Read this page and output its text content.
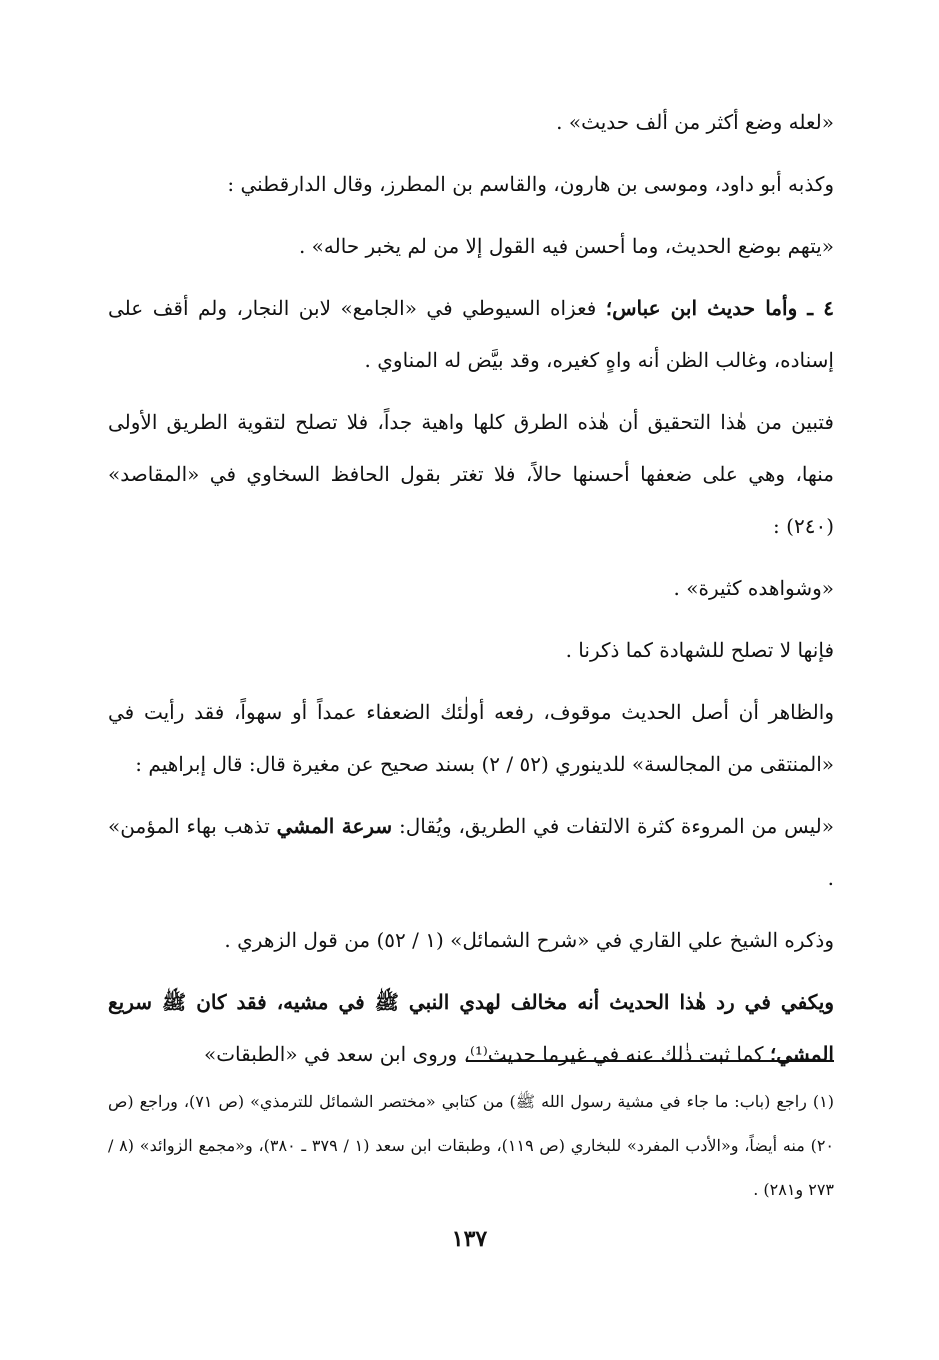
«لعله وضع أكثر من ألف حديث» .

وكذبه أبو داود، وموسى بن هارون، والقاسم بن المطرز، وقال الدارقطني :

«يتهم بوضع الحديث، وما أحسن فيه القول إلا من لم يخبر حاله» .

٤ ـ وأما حديث ابن عباس؛ فعزاه السيوطي في «الجامع» لابن النجار، ولم أقف على إسناده، وغالب الظن أنه واهٍ كغيره، وقد بيَّض له المناوي .

فتبين من هٰذا التحقيق أن هٰذه الطرق كلها واهية جداً، فلا تصلح لتقوية الطريق الأولى منها، وهي على ضعفها أحسنها حالاً، فلا تغتر بقول الحافظ السخاوي في «المقاصد» (٢٤٠) :

«وشواهده كثيرة» .

فإنها لا تصلح للشهادة كما ذكرنا .

والظاهر أن أصل الحديث موقوف، رفعه أولٰئك الضعفاء عمداً أو سهواً، فقد رأيت في «المنتقى من المجالسة» للدينوري (٥٢ / ٢) بسند صحيح عن مغيرة قال: قال إبراهيم :

«ليس من المروءة كثرة الالتفات في الطريق، ويُقال: سرعة المشي تذهب بهاء المؤمن» .

وذكره الشيخ علي القاري في «شرح الشمائل» (١ / ٥٢) من قول الزهري .

ويكفي في رد هٰذا الحديث أنه مخالف لهدي النبي ﷺ في مشيه، فقد كان ﷺ سريع المشي؛ كما ثبت ذٰلك عنه في غيرما حديث⁽¹⁾، وروى ابن سعد في «الطبقات»

(١) راجع (باب: ما جاء في مشية رسول الله ﷺ) من كتابي «مختصر الشمائل للترمذي» (ص ٧١)، وراجع (ص ٢٠) منه أيضاً، و«الأدب المفرد» للبخاري (ص ١١٩)، وطبقات ابن سعد (١ / ٣٧٩ ـ ٣٨٠)، و«مجمع الزوائد» (٨ / ٢٧٣ و٢٨١) .

١٣٧
